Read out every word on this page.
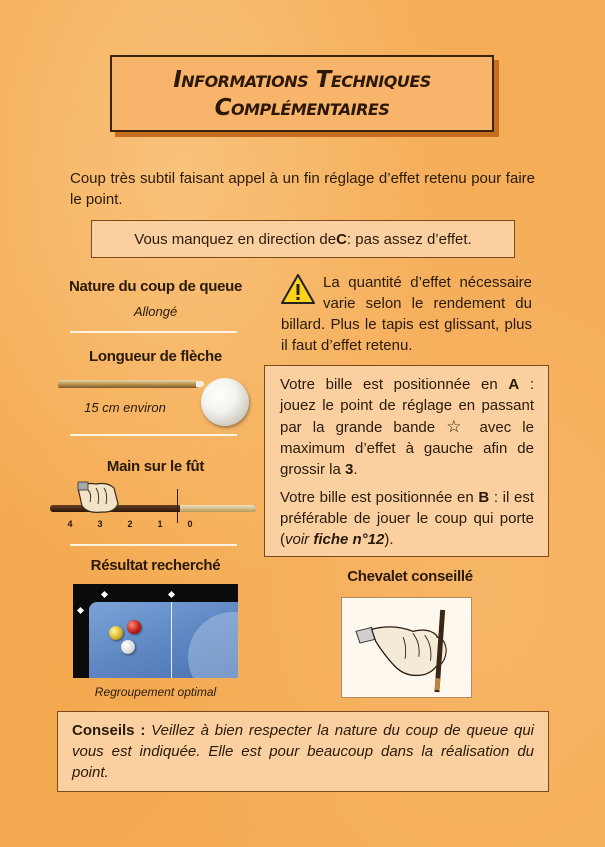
Informations Techniques
Complémentaires
Coup très subtil faisant appel à un fin réglage d’effet retenu pour faire le point.
Vous manquez en direction de C : pas assez d’effet.
Nature du coup de queue
Allongé
Longueur de flèche
15 cm environ
Main sur le fût
4	3	2	1	0
Résultat recherché
Regroupement optimal
La quantité d’effet nécessaire varie selon le rendement du billard. Plus le tapis est glissant, plus il faut d’effet retenu.

Votre bille est positionnée en A : jouez le point de réglage en passant par la grande bande ☆ avec le maximum d’effet à gauche afin de grossir la 3.

Votre bille est positionnée en B : il est préférable de jouer le coup qui porte (voir fiche n°12).

Chevalet conseillé
Conseils : Veillez à bien respecter la nature du coup de queue qui vous est indiquée. Elle est pour beaucoup dans la réalisation du point.
